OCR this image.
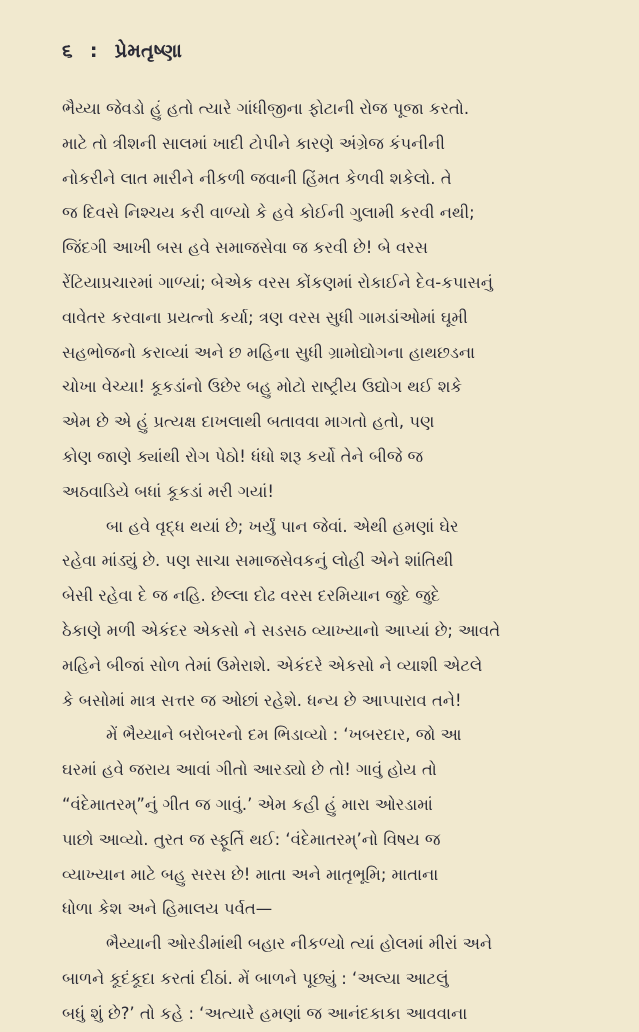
૬ : પ્રેમતૃષ્ણા
ભૈય્યા જેવડો હું હતો ત્યારે ગાંધીજીના ફોટાની રોજ પૂજા કરતો.
માટે તો ત્રીશની સાલમાં ખાદી ટોપીને કારણે અંગ્રેજ કંપનીની
નોકરીને લાત મારીને નીકળી જવાની હિંમત કેળવી શકેલો. તે
જ દિવસે નિશ્ચય કરી વાળ્યો કે હવે કોઈની ગુલામી કરવી નથી;
જિંદગી આખી બસ હવે સમાજસેવા જ કરવી છે! બે વરસ
રેંટિયાપ્રચારમાં ગાળ્યાં; બેએક વરસ કોંકણમાં રોકાઈને દેવ-કપાસનું
વાવેતર કરવાના પ્રયત્નો કર્યા; ત્રણ વરસ સુધી ગામડાંઓમાં ઘૂમી
સહભોજનો કરાવ્યાં અને છ મહિના સુધી ગ્રામોદ્યોગના હાથછડના
ચોખા વેચ્યા! કૂકડાંનો ઉછેર બહુ મોટો રાષ્ટ્રીય ઉદ્યોગ થઈ શકે
એમ છે એ હું પ્રત્યક્ષ દાખલાથી બતાવવા માગતો હતો, પણ
કોણ જાણે ક્યાંથી રોગ પેઠો! ધંધો શરૂ કર્યો તેને બીજે જ
અઠવાડિયે બધાં કૂકડાં મરી ગયાં!
બા હવે વૃદ્ધ થયાં છે; ખર્યું પાન જેવાં. એથી હમણાં ઘેર
રહેવા માંડ્યું છે. પણ સાચા સમાજસેવકનું લોહી એને શાંતિથી
બેસી રહેવા દે જ નહિ. છેલ્લા દોઢ વરસ દરમિયાન જુદે જુદે
ઠેકાણે મળી એકંદર એકસો ને સડસઠ વ્યાખ્યાનો આપ્યાં છે; આવતે
મહિને બીજાં સોળ તેમાં ઉમેરાશે. એકંદરે એકસો ને વ્યાશી એટલે
કે બસોમાં માત્ર સત્તર જ ઓછાં રહેશે. ધન્ય છે આપ્પારાવ તને!
મેં ભૈય્યાને બરોબરનો દમ ભિડાવ્યો : ‘ખબરદાર, જો આ
ઘરમાં હવે જરાય આવાં ગીતો આરડ્યો છે તો! ગાવું હોય તો
“વંદેમાતરમ્”નું ગીત જ ગાવું.’ એમ કહી હું મારા ઓરડામાં
પાછો આવ્યો. તુરત જ સ્ફૂર્તિ થઈ: ‘વંદેમાતરમ્’નો વિષય જ
વ્યાખ્યાન માટે બહુ સરસ છે! માતા અને માતૃભૂમિ; માતાના
ધોળા કેશ અને હિમાલય પર્વત—
ભૈય્યાની ઓરડીમાંથી બહાર નીકળ્યો ત્યાં હોલમાં મીરાં અને
બાળને કૂદંકૂદા કરતાં દીઠાં. મેં બાળને પૂછ્યું : ‘અલ્યા આટલું
બધું શું છે?’ તો કહે : ‘અત્યારે હમણાં જ આનંદકાકા આવવાના
